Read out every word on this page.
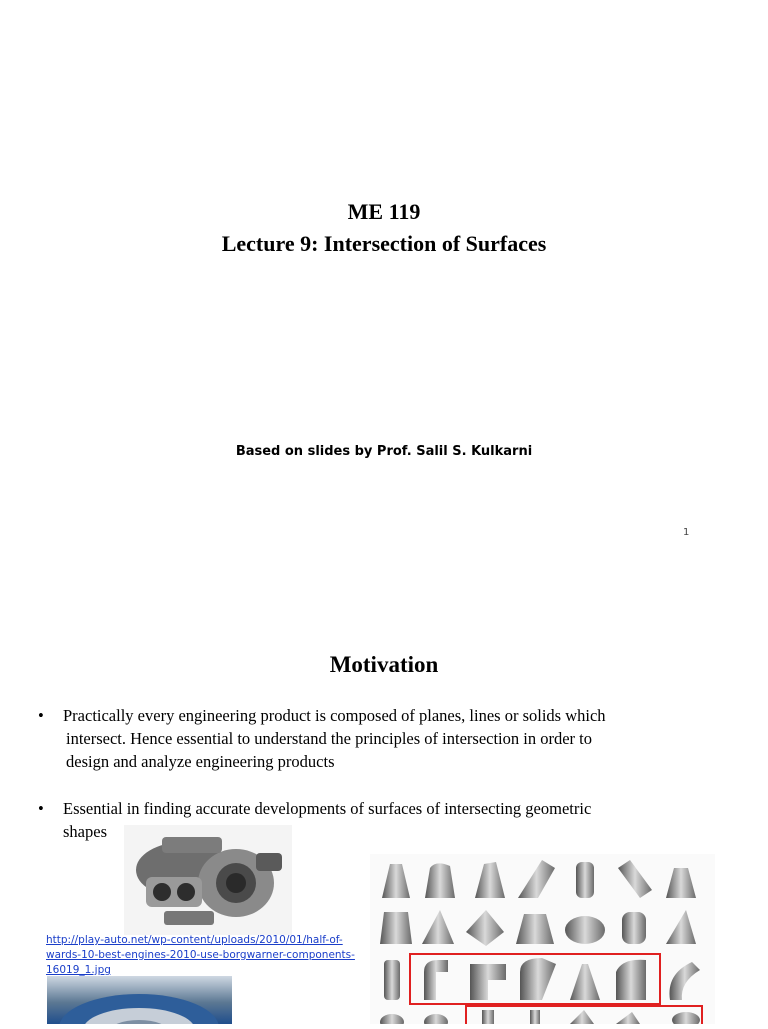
ME 119
Lecture 9: Intersection of Surfaces
Based on slides by Prof. Salil S. Kulkarni
1
Motivation
•	Practically every engineering product is composed of planes, lines or solids which
intersect. Hence essential to understand the principles of intersection in order to
design and analyze engineering products
•	Essential in finding accurate developments of surfaces of intersecting geometric
shapes
http://play-auto.net/wp-content/uploads/2010/01/half-of-wards-10-best-engines-2010-use-borgwarner-components-16019_1.jpg
